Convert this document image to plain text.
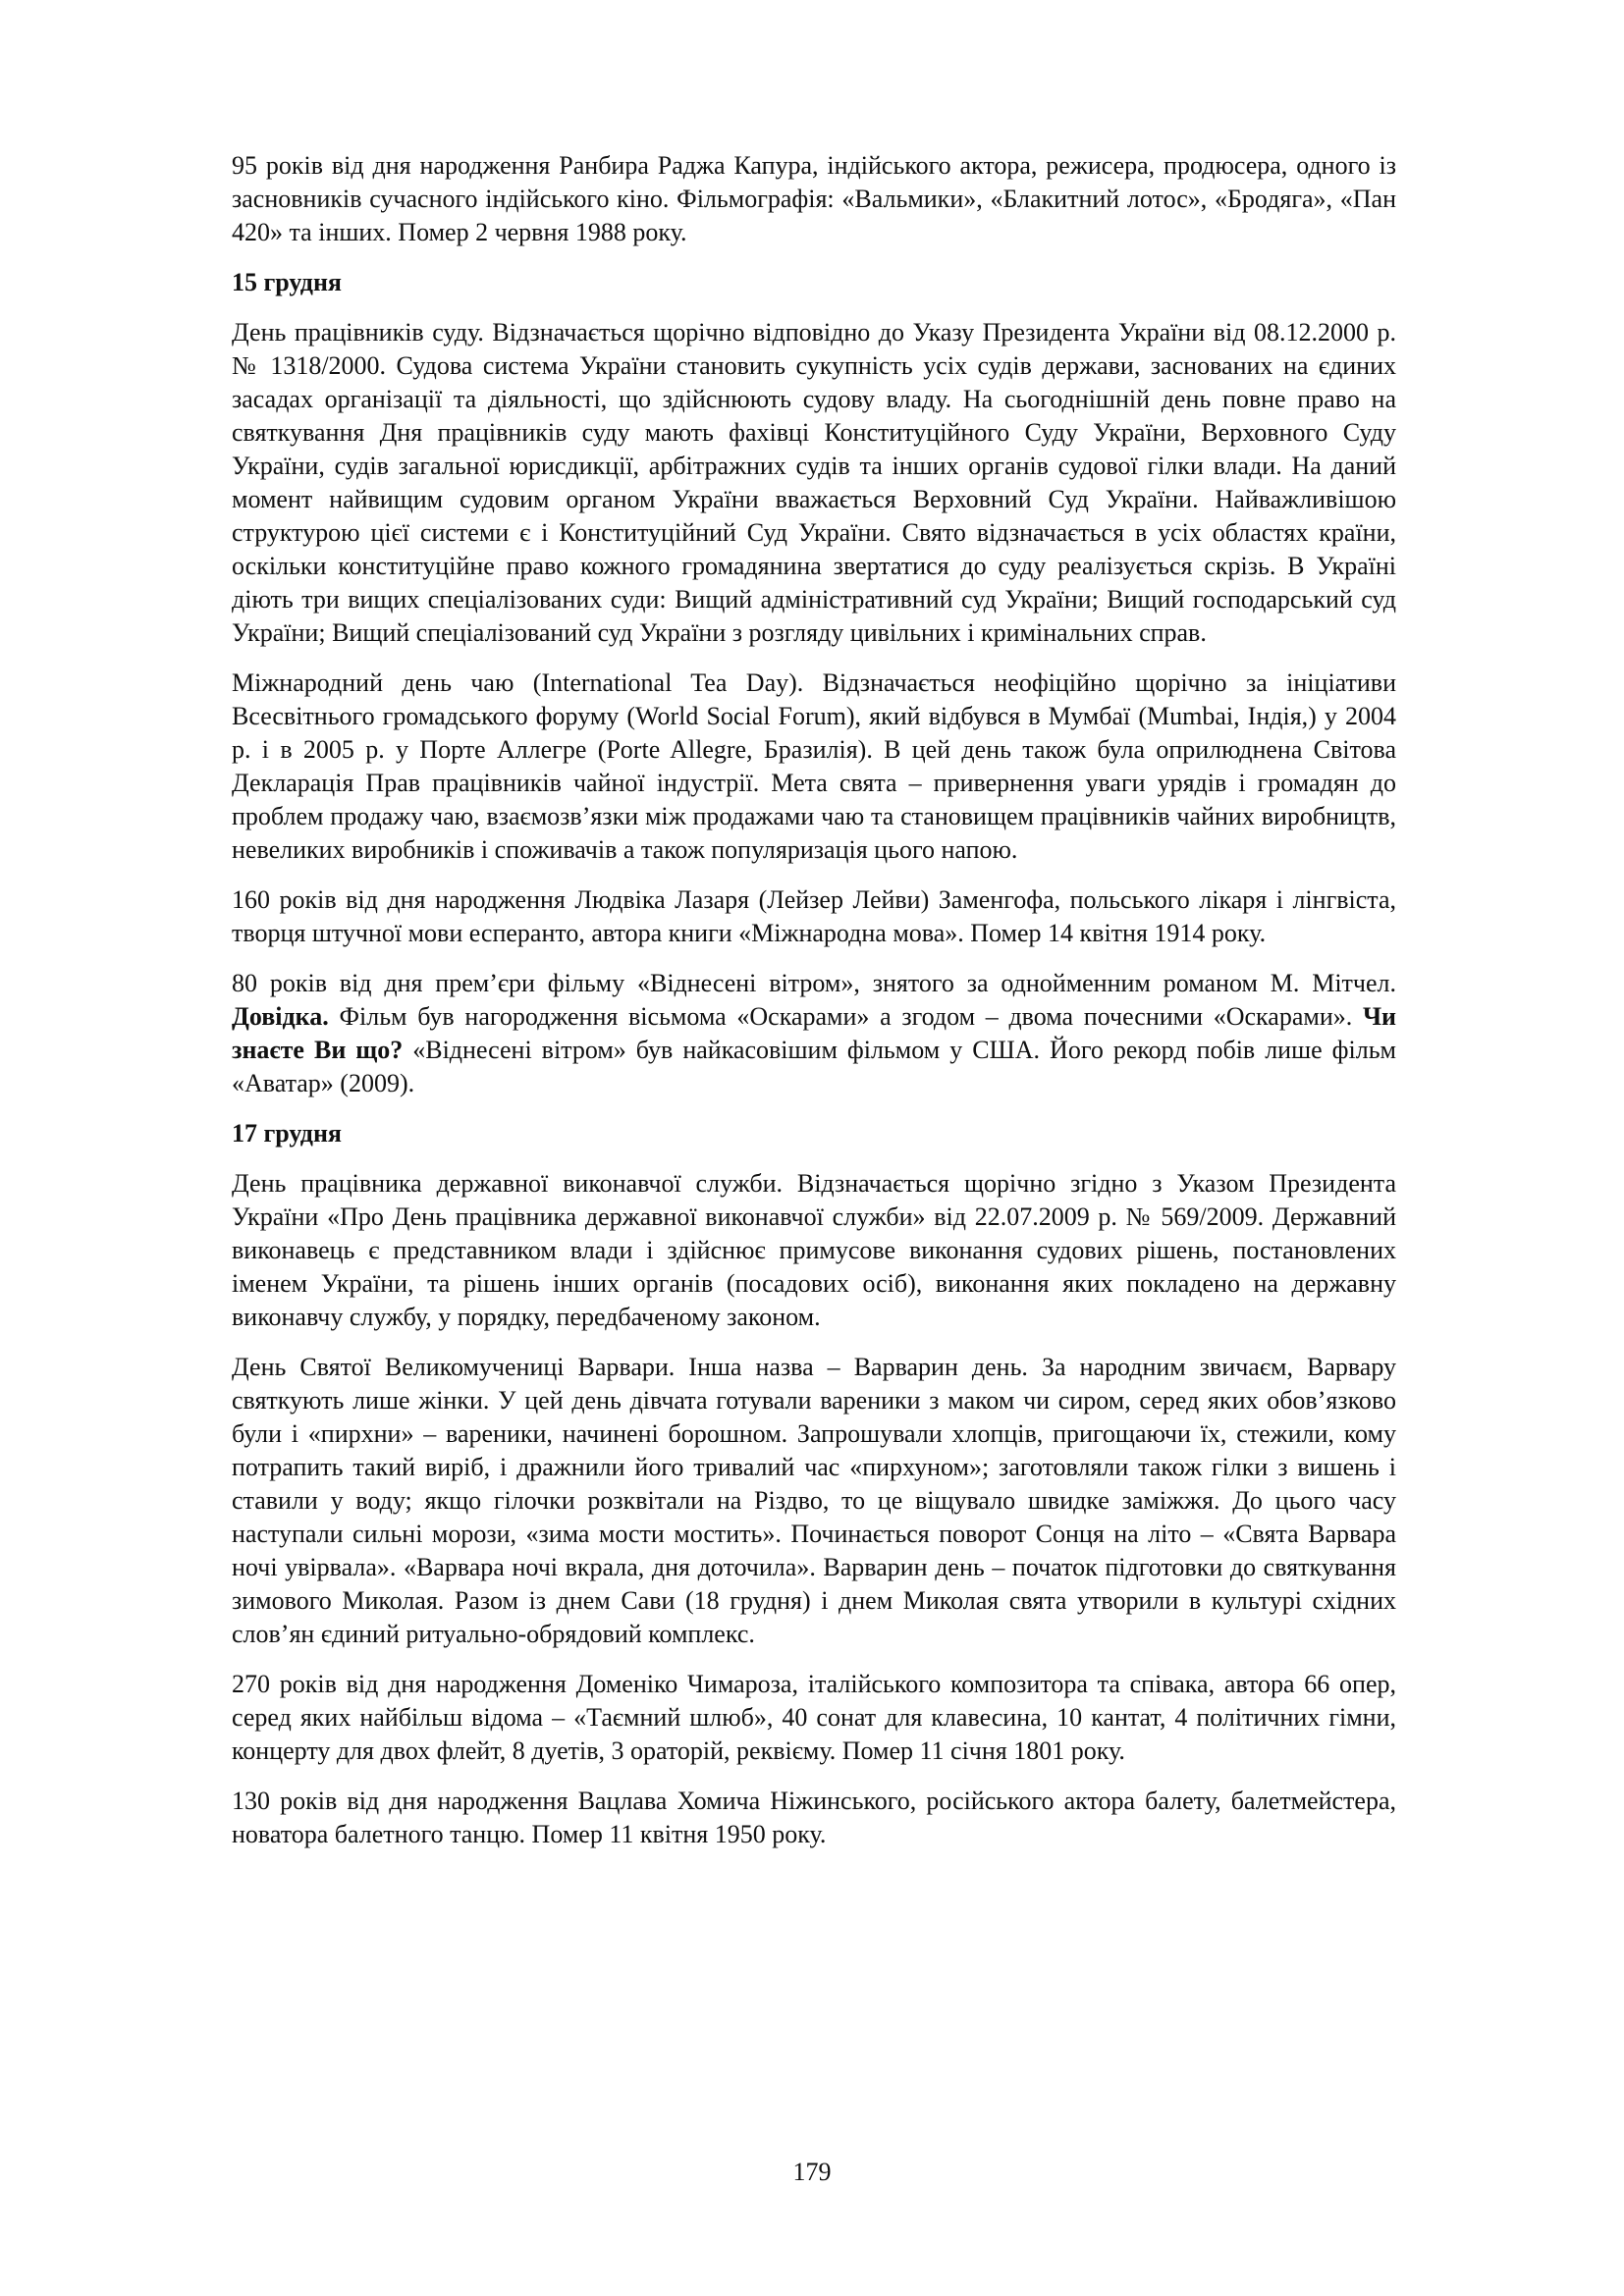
95 років від дня народження Ранбира Раджа Капура, індійського актора, режисера, продюсера, одного із засновників сучасного індійського кіно. Фільмографія: «Вальмики», «Блакитний лотос», «Бродяга», «Пан 420» та інших. Помер 2 червня 1988 року.

15 грудня

День працівників суду. Відзначається щорічно відповідно до Указу Президента України від 08.12.2000 р. № 1318/2000. Судова система України становить сукупність усіх судів держави, заснованих на єдиних засадах організації та діяльності, що здійснюють судову владу. На сьогоднішній день повне право на святкування Дня працівників суду мають фахівці Конституційного Суду України, Верховного Суду України, судів загальної юрисдикції, арбітражних судів та інших органів судової гілки влади. На даний момент найвищим судовим органом України вважається Верховний Суд України. Найважливішою структурою цієї системи є і Конституційний Суд України. Свято відзначається в усіх областях країни, оскільки конституційне право кожного громадянина звертатися до суду реалізується скрізь. В Україні діють три вищих спеціалізованих суди: Вищий адміністративний суд України; Вищий господарський суд України; Вищий спеціалізований суд України з розгляду цивільних і кримінальних справ.

Міжнародний день чаю (International Tea Day). Відзначається неофіційно щорічно за ініціативи Всесвітнього громадського форуму (World Social Forum), який відбувся в Мумбаї (Mumbai, Індія,) у 2004 р. і в 2005 р. у Порте Аллегре (Porte Allegre, Бразилія). В цей день також була оприлюднена Світова Декларація Прав працівників чайної індустрії. Мета свята – привернення уваги урядів і громадян до проблем продажу чаю, взаємозв’язки між продажами чаю та становищем працівників чайних виробництв, невеликих виробників і споживачів а також популяризація цього напою.

160 років від дня народження Людвіка Лазаря (Лейзер Лейви) Заменгофа, польського лікаря і лінгвіста, творця штучної мови есперанто, автора книги «Міжнародна мова». Помер 14 квітня 1914 року.

80 років від дня прем’єри фільму «Віднесені вітром», знятого за однойменним романом М. Мітчел. Довідка. Фільм був нагородження вісьмома «Оскарами» а згодом – двома почесними «Оскарами». Чи знаєте Ви що? «Віднесені вітром» був найкасовішим фільмом у США. Його рекорд побів лише фільм «Аватар» (2009).

17 грудня

День працівника державної виконавчої служби. Відзначається щорічно згідно з Указом Президента України «Про День працівника державної виконавчої служби» від 22.07.2009 р. № 569/2009. Державний виконавець є представником влади і здійснює примусове виконання судових рішень, постановлених іменем України, та рішень інших органів (посадових осіб), виконання яких покладено на державну виконавчу службу, у порядку, передбаченому законом.

День Святої Великомучениці Варвари. Інша назва – Варварин день. За народним звичаєм, Варвару святкують лише жінки. У цей день дівчата готували вареники з маком чи сиром, серед яких обов’язково були і «пирхни» – вареники, начинені борошном. Запрошували хлопців, пригощаючи їх, стежили, кому потрапить такий виріб, і дражнили його тривалий час «пирхуном»; заготовляли також гілки з вишень і ставили у воду; якщо гілочки розквітали на Різдво, то це віщувало швидке заміжжя. До цього часу наступали сильні морози, «зима мости мостить». Починається поворот Сонця на літо – «Свята Варвара ночі увірвала». «Варвара ночі вкрала, дня доточила». Варварин день – початок підготовки до святкування зимового Миколая. Разом із днем Сави (18 грудня) і днем Миколая свята утворили в культурі східних слов’ян єдиний ритуально-обрядовий комплекс.

270 років від дня народження Доменіко Чимароза, італійського композитора та співака, автора 66 опер, серед яких найбільш відома – «Таємний шлюб», 40 сонат для клавесина, 10 кантат, 4 політичних гімни, концерту для двох флейт, 8 дуетів, 3 ораторій, реквієму. Помер 11 січня 1801 року.

130 років від дня народження Вацлава Хомича Ніжинського, російського актора балету, балетмейстера, новатора балетного танцю. Помер 11 квітня 1950 року.

179
